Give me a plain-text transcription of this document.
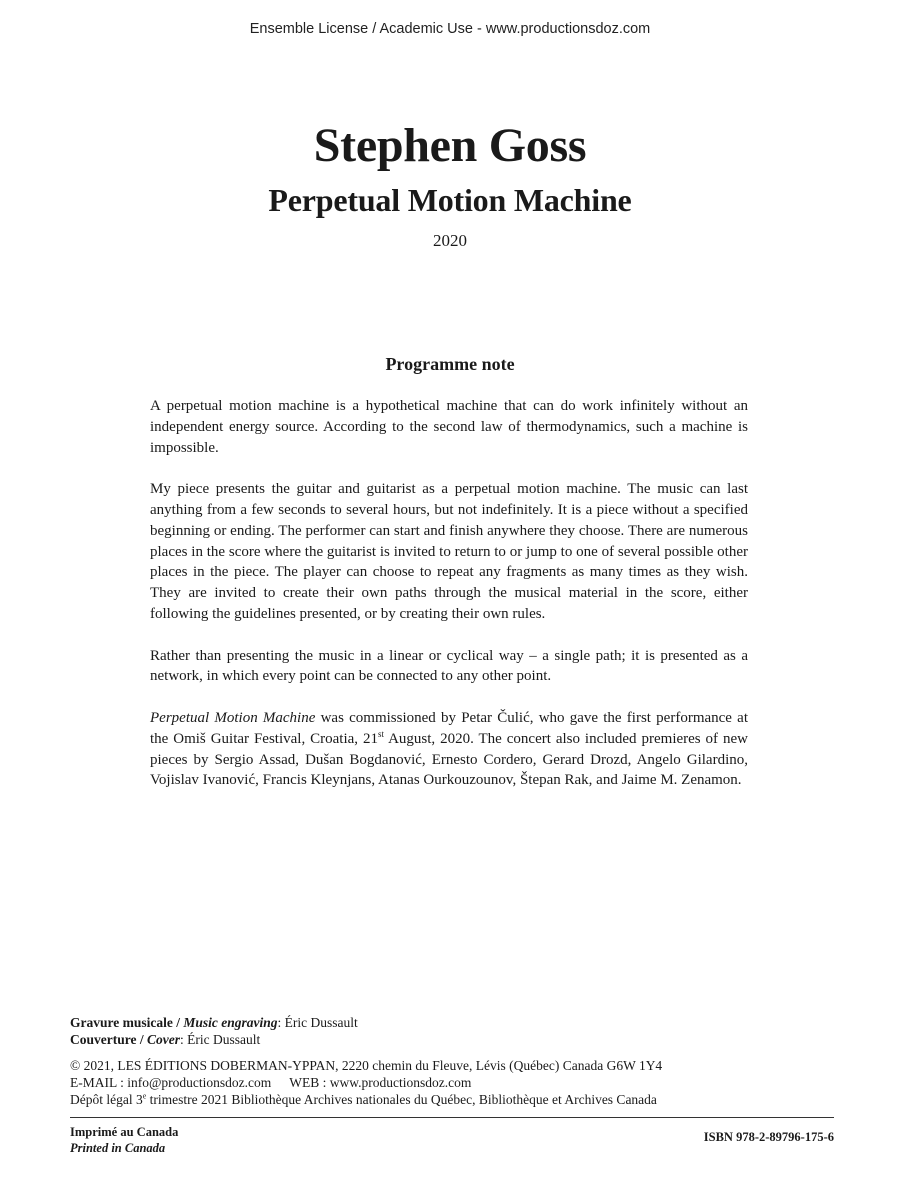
Ensemble License / Academic Use - www.productionsdoz.com
Stephen Goss
Perpetual Motion Machine
2020
Programme note

A perpetual motion machine is a hypothetical machine that can do work infinitely without an independent energy source. According to the second law of thermodynamics, such a machine is impossible.

My piece presents the guitar and guitarist as a perpetual motion machine. The music can last anything from a few seconds to several hours, but not indefinitely. It is a piece without a specified beginning or ending. The performer can start and finish anywhere they choose. There are numerous places in the score where the guitarist is invited to return to or jump to one of several possible other places in the piece. The player can choose to repeat any fragments as many times as they wish. They are invited to create their own paths through the musical material in the score, either following the guidelines presented, or by creating their own rules.

Rather than presenting the music in a linear or cyclical way – a single path; it is presented as a network, in which every point can be connected to any other point.

Perpetual Motion Machine was commissioned by Petar Čulić, who gave the first performance at the Omiš Guitar Festival, Croatia, 21st August, 2020. The concert also included premieres of new pieces by Sergio Assad, Dušan Bogdanović, Ernesto Cordero, Gerard Drozd, Angelo Gilardino, Vojislav Ivanović, Francis Kleynjans, Atanas Ourkouzounov, Štepan Rak, and Jaime M. Zenamon.

Gravure musicale / Music engraving: Éric Dussault
Couverture / Cover: Éric Dussault
© 2021, LES ÉDITIONS DOBERMAN-YPPAN, 2220 chemin du Fleuve, Lévis (Québec) Canada G6W 1Y4
E-MAIL : info@productionsdoz.com WEB : www.productionsdoz.com
Dépôt légal 3e trimestre 2021 Bibliothèque Archives nationales du Québec, Bibliothèque et Archives Canada
Imprimé au Canada
Printed in Canada
ISBN 978-2-89796-175-6
